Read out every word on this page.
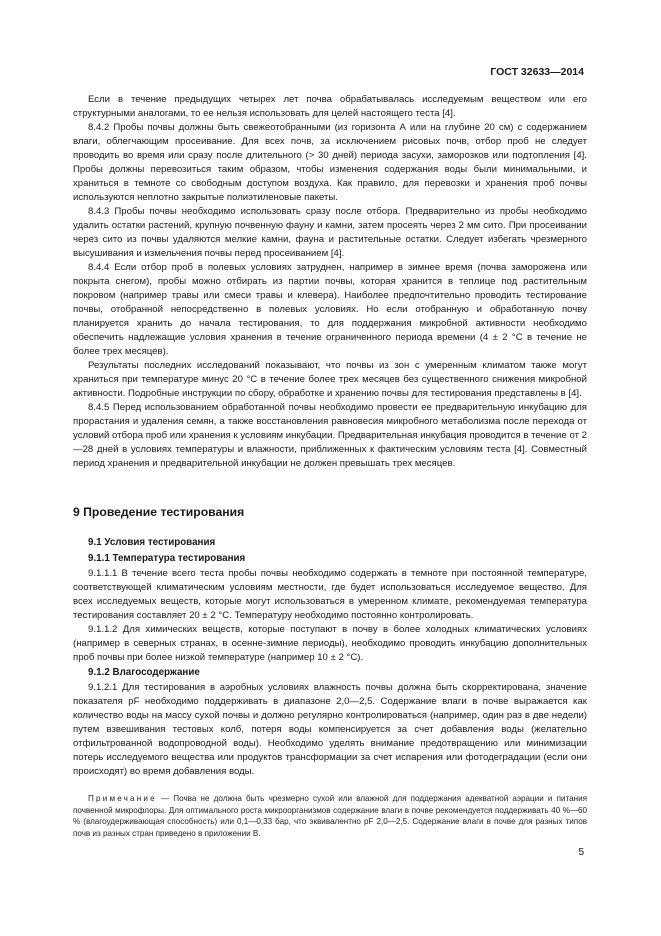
ГОСТ 32633—2014

Если в течение предыдущих четырех лет почва обрабатывалась исследуемым веществом или его структурными аналогами, то ее нельзя использовать для целей настоящего теста [4].

8.4.2 Пробы почвы должны быть свежеотобранными (из горизонта А или на глубине 20 см) с содержанием влаги, облегчающим просеивание. Для всех почв, за исключением рисовых почв, отбор проб не следует проводить во время или сразу после длительного (> 30 дней) периода засухи, заморозков или подтопления [4]. Пробы должны перевозиться таким образом, чтобы изменения содержания воды были минимальными, и храниться в темноте со свободным доступом воздуха. Как правило, для перевозки и хранения проб почвы используются неплотно закрытые полиэтиленовые пакеты.

8.4.3 Пробы почвы необходимо использовать сразу после отбора. Предварительно из пробы необходимо удалить остатки растений, крупную почвенную фауну и камни, затем просеять через 2 мм сито. При просеивании через сито из почвы удаляются мелкие камни, фауна и растительные остатки. Следует избегать чрезмерного высушивания и измельчения почвы перед просеиванием [4].

8.4.4 Если отбор проб в полевых условиях затруднен, например в зимнее время (почва заморожена или покрыта снегом), пробы можно отбирать из партии почвы, которая хранится в теплице под растительным покровом (например травы или смеси травы и клевера). Наиболее предпочтительно проводить тестирование почвы, отобранной непосредственно в полевых условиях. Но если отобранную и обработанную почву планируется хранить до начала тестирования, то для поддержания микробной активности необходимо обеспечить надлежащие условия хранения в течение ограниченного периода времени (4 ± 2 °С в течение не более трех месяцев).

Результаты последних исследований показывают, что почвы из зон с умеренным климатом также могут храниться при температуре минус 20 °С в течение более трех месяцев без существенного снижения микробной активности. Подробные инструкции по сбору, обработке и хранению почвы для тестирования представлены в [4].

8.4.5 Перед использованием обработанной почвы необходимо провести ее предварительную инкубацию для прорастания и удаления семян, а также восстановления равновесия микробного метаболизма после перехода от условий отбора проб или хранения к условиям инкубации. Предварительная инкубация проводится в течение от 2—28 дней в условиях температуры и влажности, приближенных к фактическим условиям теста [4]. Совместный период хранения и предварительной инкубации не должен превышать трех месяцев.

9 Проведение тестирования
9.1 Условия тестирования
9.1.1 Температура тестирования

9.1.1.1 В течение всего теста пробы почвы необходимо содержать в темноте при постоянной температуре, соответствующей климатическим условиям местности, где будет использоваться исследуемое вещество. Для всех исследуемых веществ, которые могут использоваться в умеренном климате, рекомендуемая температура тестирования составляет 20 ± 2 °С. Температуру необходимо постоянно контролировать.

9.1.1.2 Для химических веществ, которые поступают в почву в более холодных климатических условиях (например в северных странах, в осенне-зимние периоды), необходимо проводить инкубацию дополнительных проб почвы при более низкой температуре (например 10 ± 2 °С).

9.1.2 Влагосодержание

9.1.2.1 Для тестирования в аэробных условиях влажность почвы должна быть скорректирована, значение показателя pF необходимо поддерживать в диапазоне 2,0—2,5. Содержание влаги в почве выражается как количество воды на массу сухой почвы и должно регулярно контролироваться (например, один раз в две недели) путем взвешивания тестовых колб, потеря воды компенсируется за счет добавления воды (желательно отфильтрованной водопроводной воды). Необходимо уделять внимание предотвращению или минимизации потерь исследуемого вещества или продуктов трансформации за счет испарения или фотодеградации (если они происходят) во время добавления воды.

Примечание — Почва не должна быть чрезмерно сухой или влажной для поддержания адекватной аэрации и питания почвенной микрофлоры. Для оптимального роста микроорганизмов содержание влаги в почве рекомендуется поддерживать 40 %—60 % (влагоудерживающая способность) или 0,1—0,33 бар, что эквивалентно pF 2,0—2,5. Содержание влаги в почве для разных типов почв из разных стран приведено в приложении В.

5
